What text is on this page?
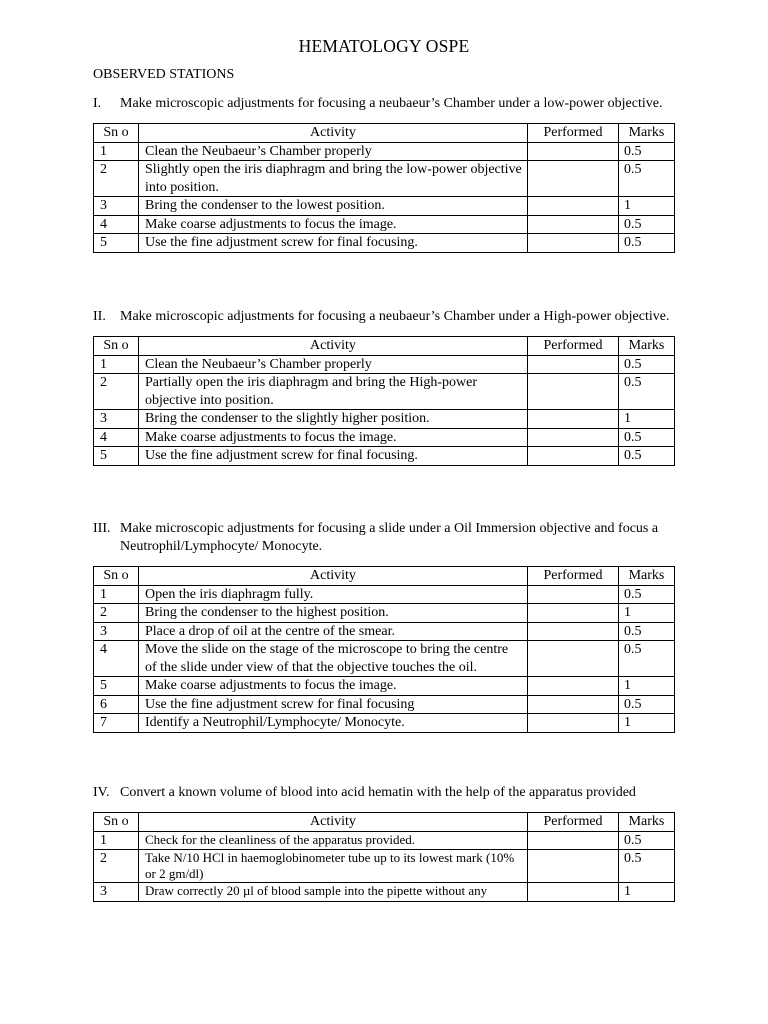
HEMATOLOGY OSPE
OBSERVED STATIONS
I.	Make microscopic adjustments for focusing a neubaeur’s Chamber under a low-power objective.
Sn o	Activity	Performed	Marks
1	Clean the Neubaeur’s Chamber properly		0.5
2	Slightly open the iris diaphragm and bring the low-power objective into position.		0.5
3	Bring the condenser to the lowest position.		1
4	Make coarse adjustments to focus the image.		0.5
5	Use the fine adjustment screw for final focusing.		0.5
II.	Make microscopic adjustments for focusing a neubaeur’s Chamber under a High-power objective.
Sn o	Activity	Performed	Marks
1	Clean the Neubaeur’s Chamber properly		0.5
2	Partially open the iris diaphragm and bring the High-power objective into position.		0.5
3	Bring the condenser to the slightly higher position.		1
4	Make coarse adjustments to focus the image.		0.5
5	Use the fine adjustment screw for final focusing.		0.5
III. Make microscopic adjustments for focusing a slide under a Oil Immersion objective and focus a Neutrophil/Lymphocyte/ Monocyte.
Sn o	Activity	Performed	Marks
1	Open the iris diaphragm fully.		0.5
2	Bring the condenser to the highest position.		1
3	Place a drop of oil at the centre of the smear.		0.5
4	Move the slide on the stage of the microscope to bring the centre of the slide under view of that the objective touches the oil.		0.5
5	Make coarse adjustments to focus the image.		1
6	Use the fine adjustment screw for final focusing		0.5
7	Identify a Neutrophil/Lymphocyte/ Monocyte.		1
IV. Convert a known volume of blood into acid hematin with the help of the apparatus provided
Sn o	Activity	Performed	Marks
1	Check for the cleanliness of the apparatus provided.		0.5
2	Take N/10 HCl in haemoglobinometer tube up to its lowest mark (10% or 2 gm/dl)		0.5
3	Draw correctly 20 µl of blood sample into the pipette without any		1
